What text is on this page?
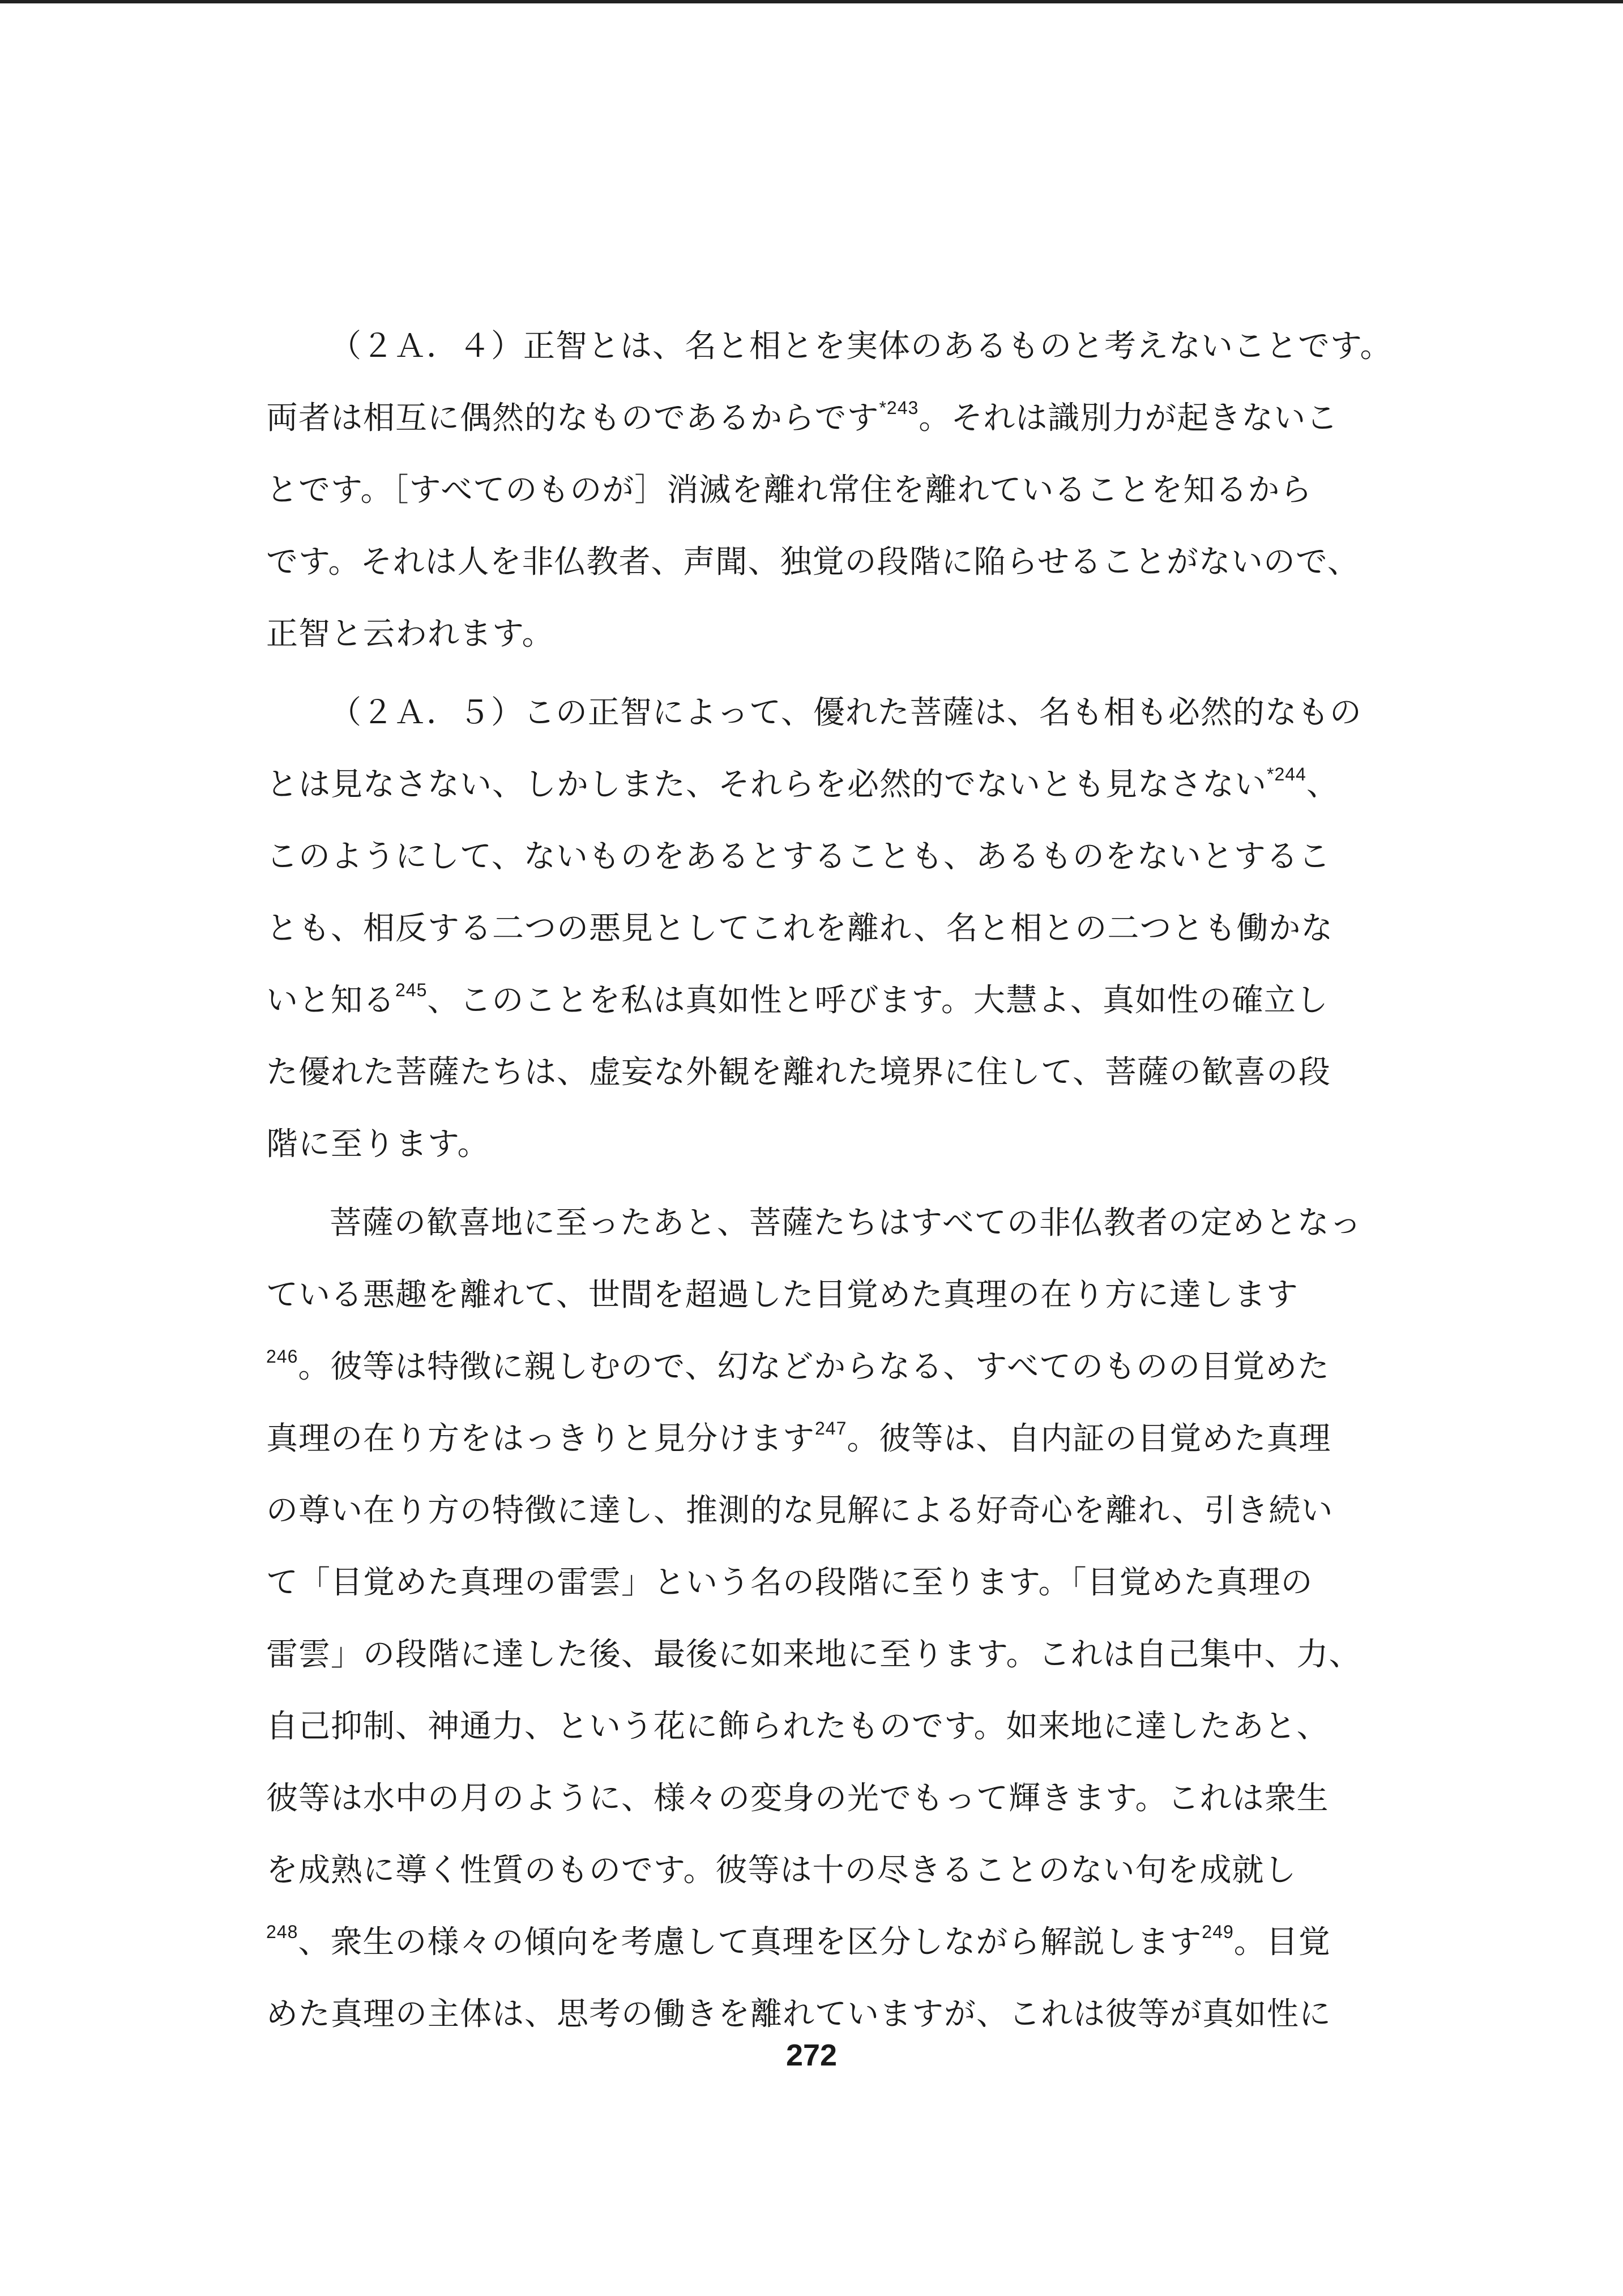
（２Ａ．４）正智とは、名と相とを実体のあるものと考えないことです。
両者は相互に偶然的なものであるからです$^{*243}$。それは識別力が起きないこ
とです。［すべてのものが］消滅を離れ常住を離れていることを知るから
です。それは人を非仏教者、声聞、独覚の段階に陥らせることがないので、
正智と云われます。
（２Ａ．５）この正智によって、優れた菩薩は、名も相も必然的なもの
とは見なさない、しかしまた、それらを必然的でないとも見なさない$^{*244}$、
このようにして、ないものをあるとすることも、あるものをないとするこ
とも、相反する二つの悪見としてこれを離れ、名と相との二つとも働かな
いと知る$^{245}$、このことを私は真如性と呼びます。大慧よ、真如性の確立し
た優れた菩薩たちは、虚妄な外観を離れた境界に住して、菩薩の歓喜の段
階に至ります。
菩薩の歓喜地に至ったあと、菩薩たちはすべての非仏教者の定めとなっ
ている悪趣を離れて、世間を超過した目覚めた真理の在り方に達します
$^{246}$。彼等は特徴に親しむので、幻などからなる、すべてのものの目覚めた
真理の在り方をはっきりと見分けます$^{247}$。彼等は、自内証の目覚めた真理
の尊い在り方の特徴に達し、推測的な見解による好奇心を離れ、引き続い
て「目覚めた真理の雷雲」という名の段階に至ります。「目覚めた真理の
雷雲」の段階に達した後、最後に如来地に至ります。これは自己集中、力、
自己抑制、神通力、という花に飾られたものです。如来地に達したあと、
彼等は水中の月のように、様々の変身の光でもって輝きます。これは衆生
を成熟に導く性質のものです。彼等は十の尽きることのない句を成就し
$^{248}$、衆生の様々の傾向を考慮して真理を区分しながら解説します$^{249}$。目覚
めた真理の主体は、思考の働きを離れていますが、これは彼等が真如性に
272
